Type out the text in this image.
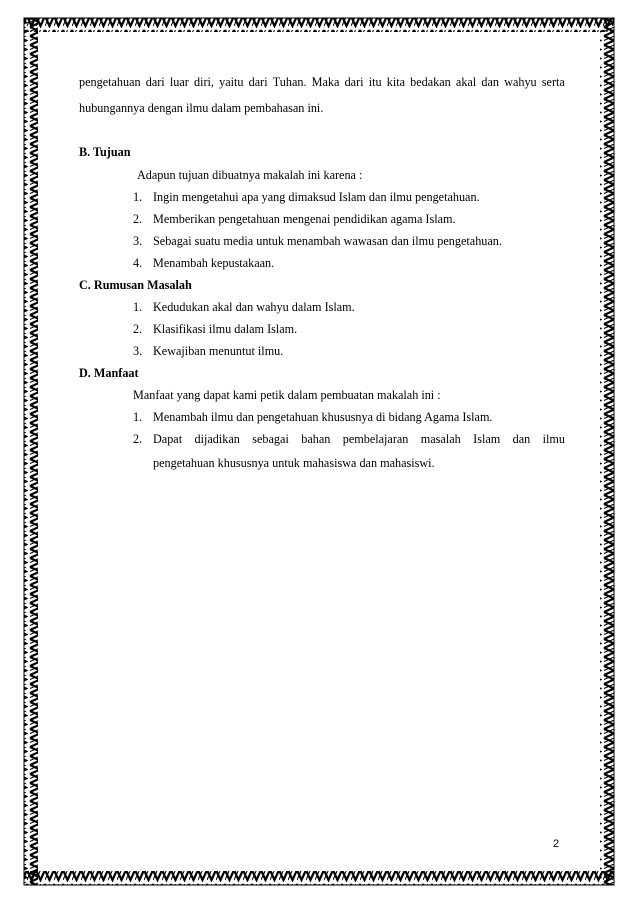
pengetahuan dari luar diri, yaitu dari Tuhan. Maka dari itu kita bedakan akal dan wahyu serta
hubungannya dengan ilmu dalam pembahasan ini.
B. Tujuan
Adapun tujuan dibuatnya makalah ini karena :
1. Ingin mengetahui apa yang dimaksud Islam dan ilmu pengetahuan.
2. Memberikan pengetahuan mengenai pendidikan agama Islam.
3. Sebagai suatu media untuk menambah wawasan dan ilmu pengetahuan.
4. Menambah kepustakaan.
C. Rumusan Masalah
1. Kedudukan akal dan wahyu dalam Islam.
2. Klasifikasi ilmu dalam Islam.
3. Kewajiban menuntut ilmu.
D. Manfaat
Manfaat yang dapat kami petik dalam pembuatan makalah ini :
1. Menambah ilmu dan pengetahuan khususnya di bidang Agama Islam.
2. Dapat dijadikan sebagai bahan pembelajaran masalah Islam dan ilmu
pengetahuan khususnya untuk mahasiswa dan mahasiswi.
2
